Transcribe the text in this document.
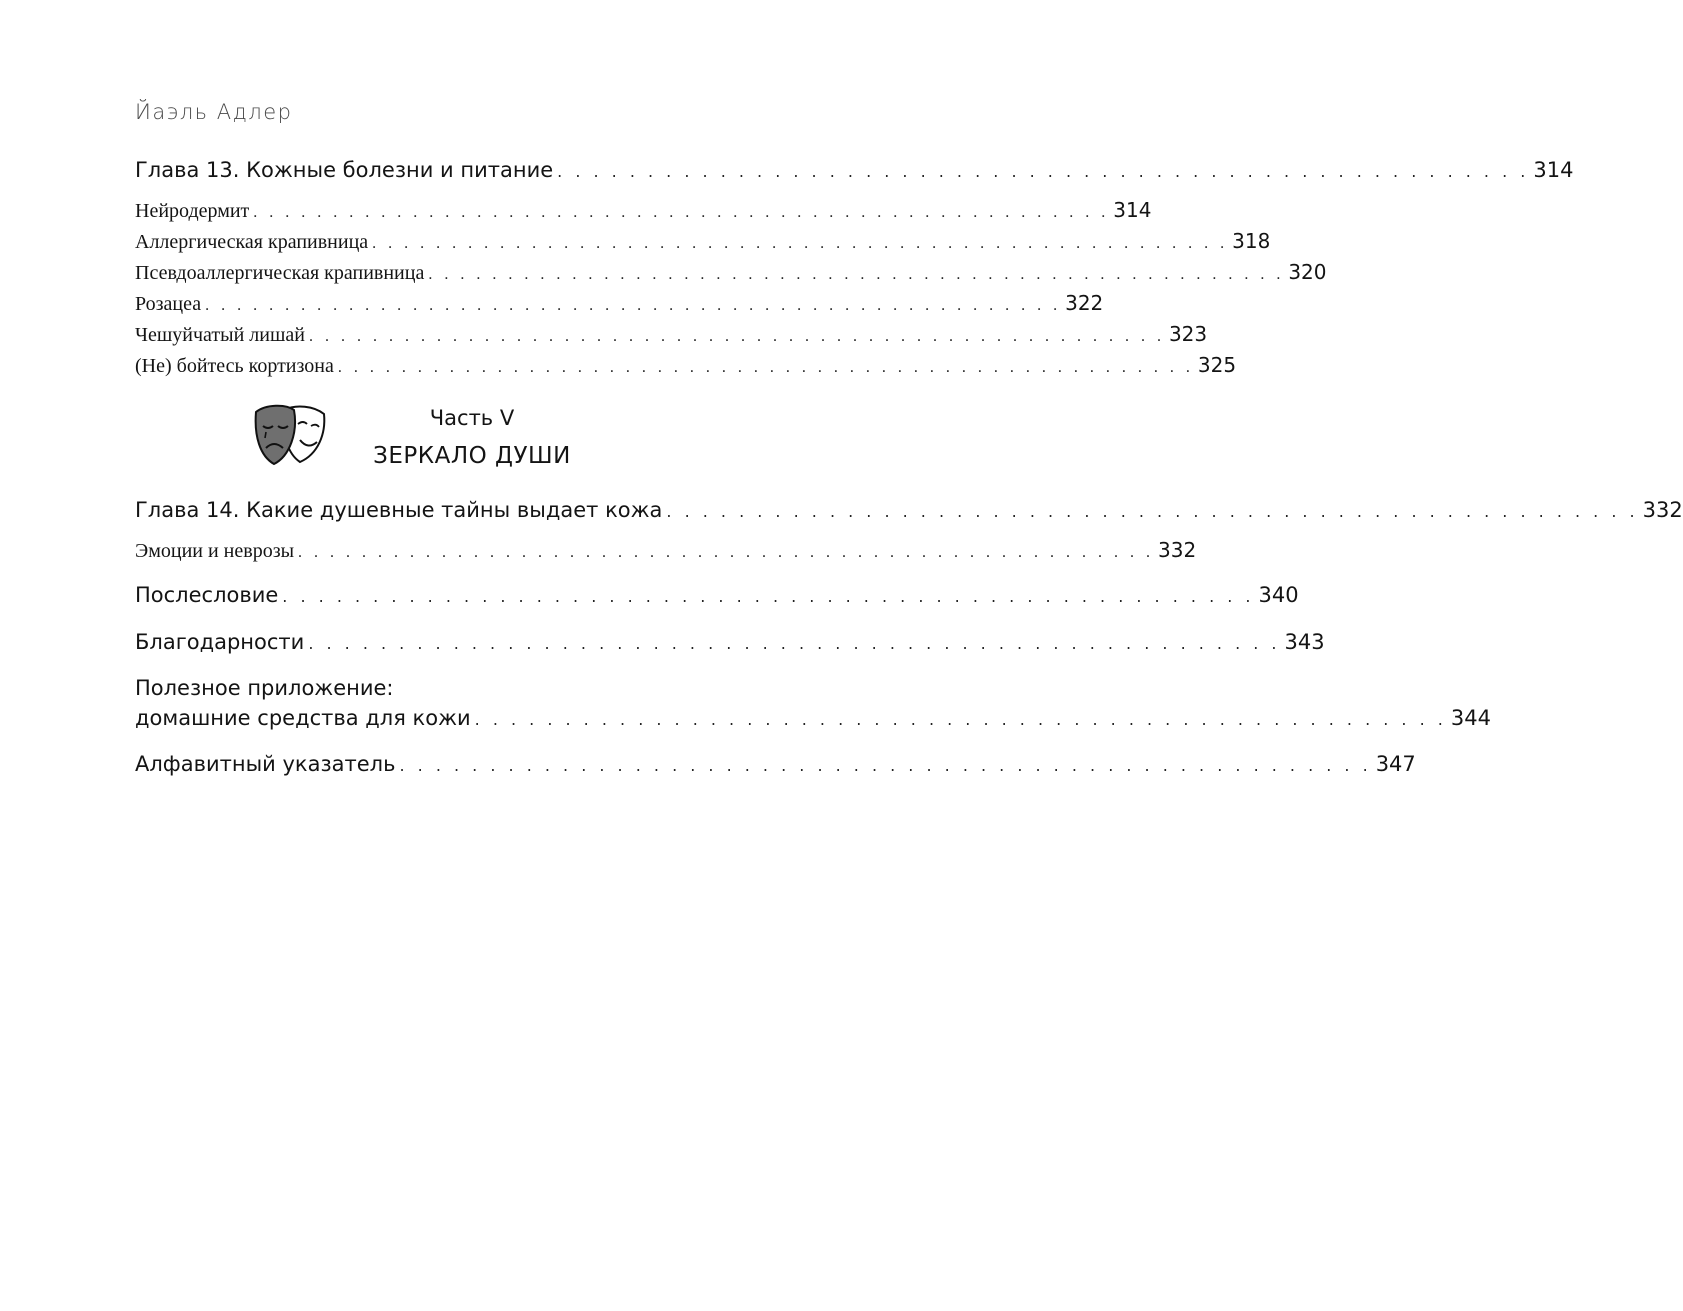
Йаэль Адлер
Глава 13. Кожные болезни и питание . . . . . . . . . . . . . . . . . . . . . . . . . . . . . . . . . . . . . . . . . . . . . . . . . . . . . . 314
Нейродермит . . . . . . . . . . . . . . . . . . . . . . . . . . . . . . . . . . . . . . . . . . . . . . . . . . . . . . 314
Аллергическая крапивница . . . . . . . . . . . . . . . . . . . . . . . . . . . . . . . . . . . . . . . . . . . . . . . . . . . . . . 318
Псевдоаллергическая крапивница . . . . . . . . . . . . . . . . . . . . . . . . . . . . . . . . . . . . . . . . . . . . . . . . . . . . . . 320
Розацеа . . . . . . . . . . . . . . . . . . . . . . . . . . . . . . . . . . . . . . . . . . . . . . . . . . . . . . 322
Чешуйчатый лишай . . . . . . . . . . . . . . . . . . . . . . . . . . . . . . . . . . . . . . . . . . . . . . . . . . . . . . 323
(Не) бойтесь кортизона . . . . . . . . . . . . . . . . . . . . . . . . . . . . . . . . . . . . . . . . . . . . . . . . . . . . . . 325
Часть V
ЗЕРКАЛО ДУШИ
Глава 14. Какие душевные тайны выдает кожа . . . . . . . . . . . . . . . . . . . . . . . . . . . . . . . . . . . . . . . . . . . . . . . . . . . . . . 332
Эмоции и неврозы . . . . . . . . . . . . . . . . . . . . . . . . . . . . . . . . . . . . . . . . . . . . . . . . . . . . . . 332
Послесловие . . . . . . . . . . . . . . . . . . . . . . . . . . . . . . . . . . . . . . . . . . . . . . . . . . . . . . 340
Благодарности . . . . . . . . . . . . . . . . . . . . . . . . . . . . . . . . . . . . . . . . . . . . . . . . . . . . . . 343
Полезное приложение:
домашние средства для кожи . . . . . . . . . . . . . . . . . . . . . . . . . . . . . . . . . . . . . . . . . . . . . . . . . . . . . . 344
Алфавитный указатель . . . . . . . . . . . . . . . . . . . . . . . . . . . . . . . . . . . . . . . . . . . . . . . . . . . . . . 347
